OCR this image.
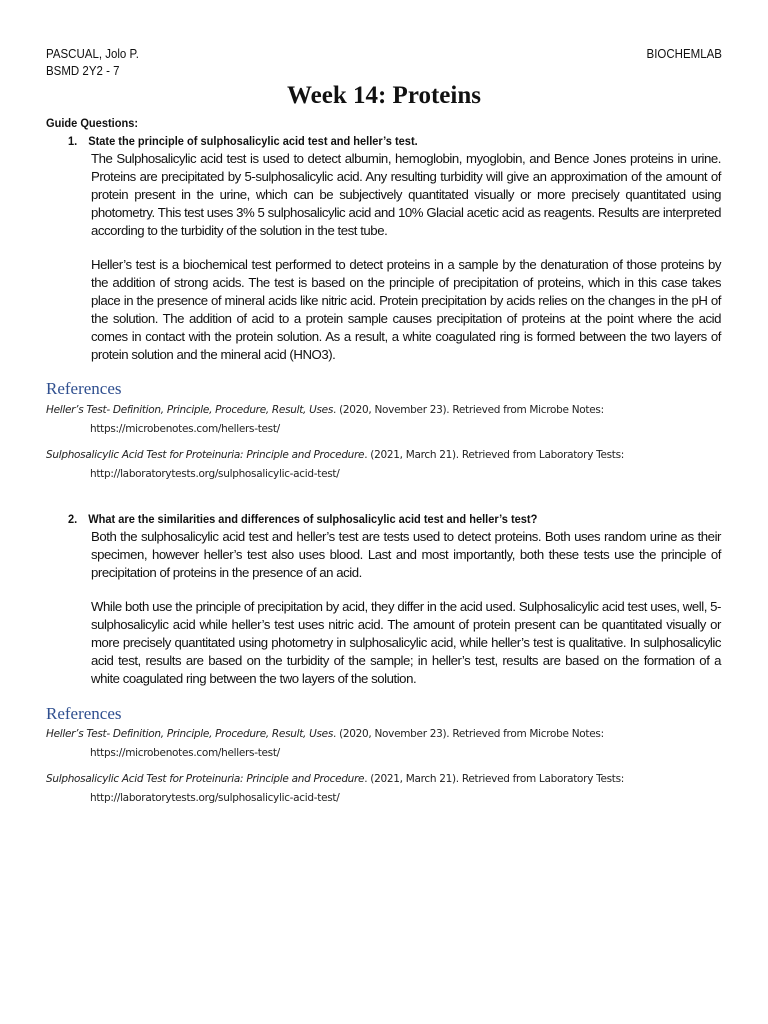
PASCUAL, Jolo P.
BSMD 2Y2 - 7
BIOCHEMLAB
Week 14: Proteins
Guide Questions:
1. State the principle of sulphosalicylic acid test and heller’s test.
The Sulphosalicylic acid test is used to detect albumin, hemoglobin, myoglobin, and Bence Jones proteins in urine. Proteins are precipitated by 5-sulphosalicylic acid. Any resulting turbidity will give an approximation of the amount of protein present in the urine, which can be subjectively quantitated visually or more precisely quantitated using photometry. This test uses 3% 5 sulphosalicylic acid and 10% Glacial acetic acid as reagents. Results are interpreted according to the turbidity of the solution in the test tube.
Heller’s test is a biochemical test performed to detect proteins in a sample by the denaturation of those proteins by the addition of strong acids. The test is based on the principle of precipitation of proteins, which in this case takes place in the presence of mineral acids like nitric acid. Protein precipitation by acids relies on the changes in the pH of the solution. The addition of acid to a protein sample causes precipitation of proteins at the point where the acid comes in contact with the protein solution. As a result, a white coagulated ring is formed between the two layers of protein solution and the mineral acid (HNO3).
References
Heller’s Test- Definition, Principle, Procedure, Result, Uses. (2020, November 23). Retrieved from Microbe Notes:
https://microbenotes.com/hellers-test/
Sulphosalicylic Acid Test for Proteinuria: Principle and Procedure. (2021, March 21). Retrieved from Laboratory Tests:
http://laboratorytests.org/sulphosalicylic-acid-test/
2. What are the similarities and differences of sulphosalicylic acid test and heller’s test?
Both the sulphosalicylic acid test and heller’s test are tests used to detect proteins. Both uses random urine as their specimen, however heller’s test also uses blood. Last and most importantly, both these tests use the principle of precipitation of proteins in the presence of an acid.
While both use the principle of precipitation by acid, they differ in the acid used. Sulphosalicylic acid test uses, well, 5-sulphosalicylic acid while heller’s test uses nitric acid. The amount of protein present can be quantitated visually or more precisely quantitated using photometry in sulphosalicylic acid, while heller’s test is qualitative. In sulphosalicylic acid test, results are based on the turbidity of the sample; in heller’s test, results are based on the formation of a white coagulated ring between the two layers of the solution.
References
Heller’s Test- Definition, Principle, Procedure, Result, Uses. (2020, November 23). Retrieved from Microbe Notes:
https://microbenotes.com/hellers-test/
Sulphosalicylic Acid Test for Proteinuria: Principle and Procedure. (2021, March 21). Retrieved from Laboratory Tests:
http://laboratorytests.org/sulphosalicylic-acid-test/
